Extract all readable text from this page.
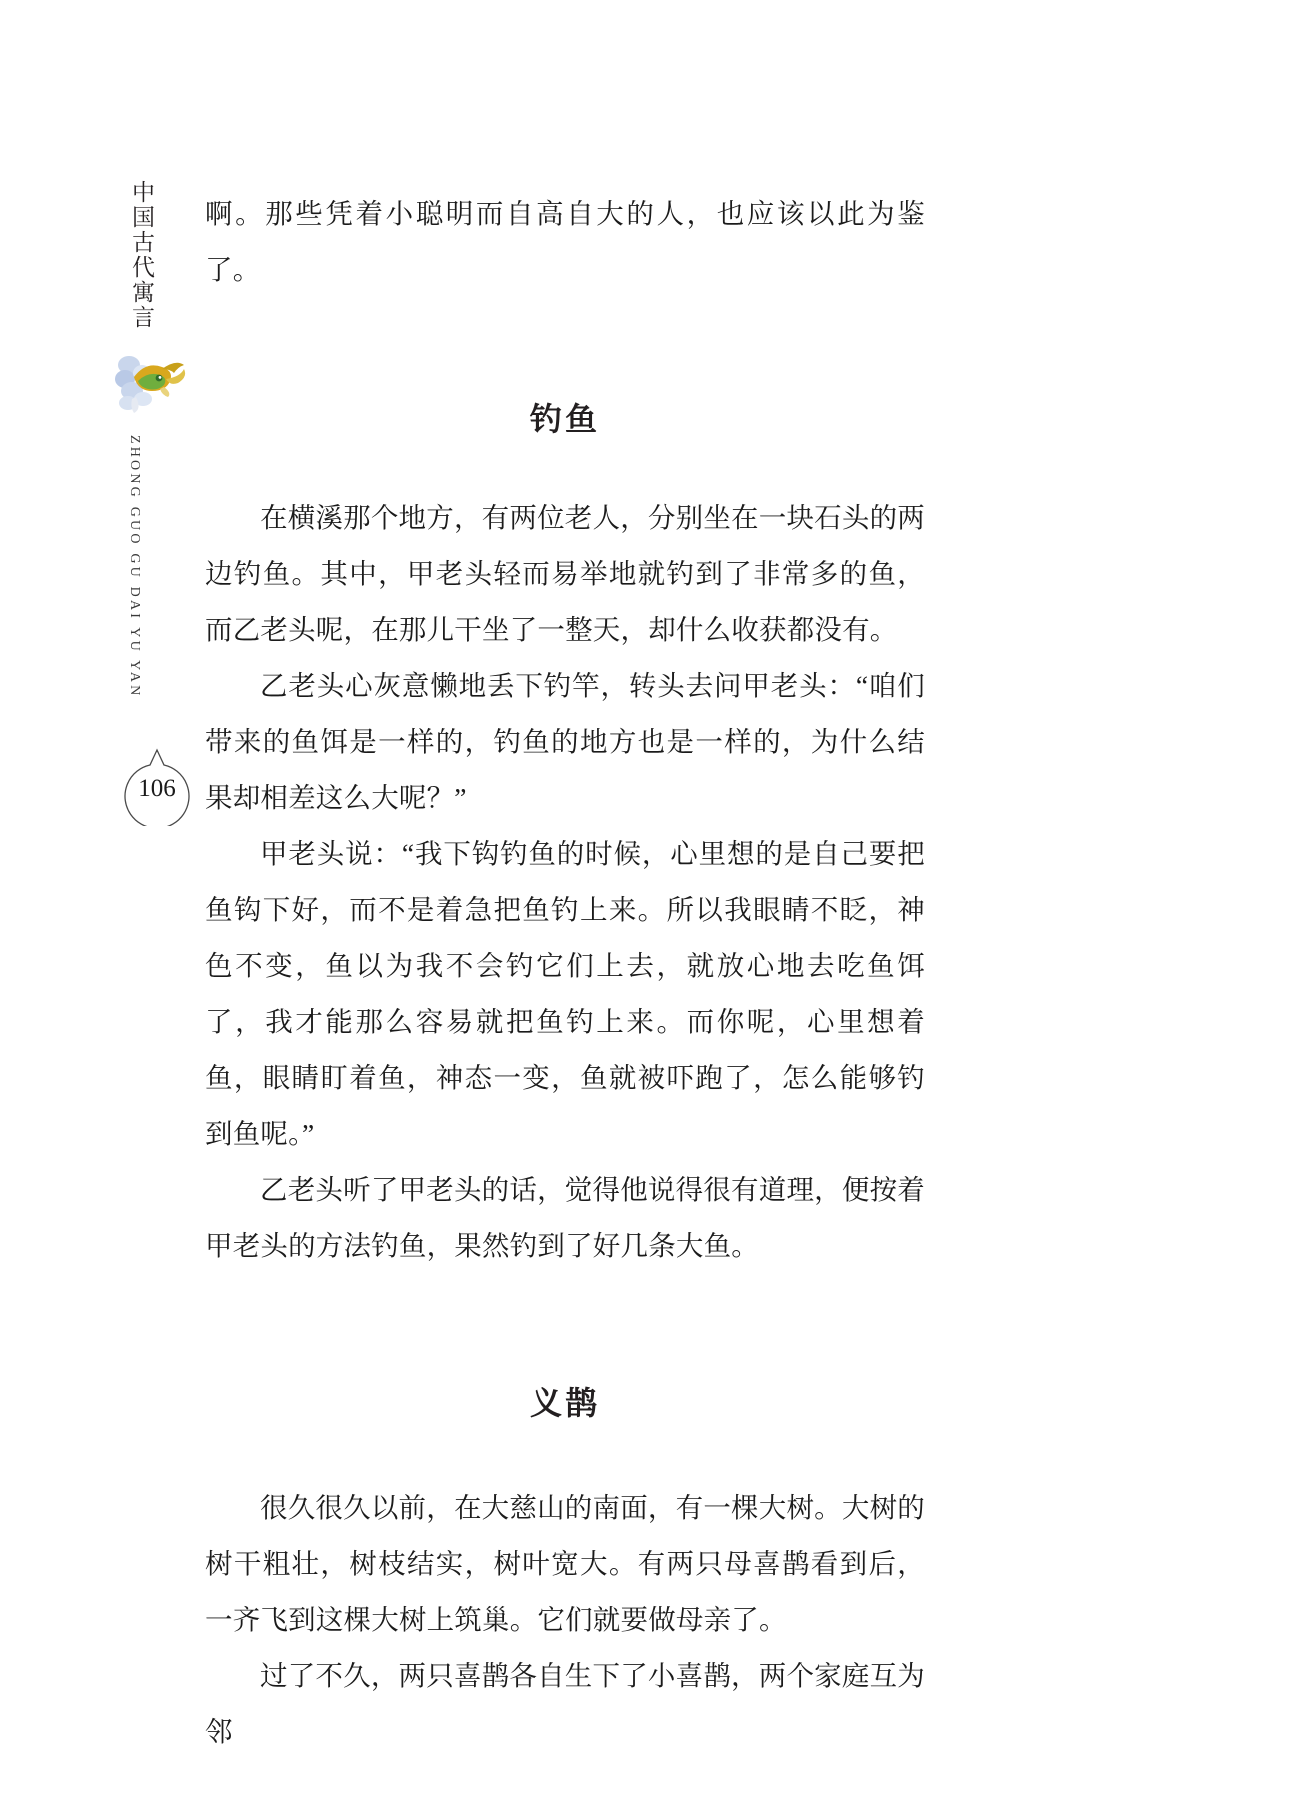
中国古代寓言
ZHONG GUO GU DAI YU YAN
106

啊。那些凭着小聪明而自高自大的人，也应该以此为鉴了。

钓鱼

在横溪那个地方，有两位老人，分别坐在一块石头的两边钓鱼。其中，甲老头轻而易举地就钓到了非常多的鱼，而乙老头呢，在那儿干坐了一整天，却什么收获都没有。

乙老头心灰意懒地丢下钓竿，转头去问甲老头：“咱们带来的鱼饵是一样的，钓鱼的地方也是一样的，为什么结果却相差这么大呢？”

甲老头说：“我下钩钓鱼的时候，心里想的是自己要把鱼钩下好，而不是着急把鱼钓上来。所以我眼睛不眨，神色不变，鱼以为我不会钓它们上去，就放心地去吃鱼饵了，我才能那么容易就把鱼钓上来。而你呢，心里想着鱼，眼睛盯着鱼，神态一变，鱼就被吓跑了，怎么能够钓到鱼呢。”

乙老头听了甲老头的话，觉得他说得很有道理，便按着甲老头的方法钓鱼，果然钓到了好几条大鱼。

义鹊

很久很久以前，在大慈山的南面，有一棵大树。大树的树干粗壮，树枝结实，树叶宽大。有两只母喜鹊看到后，一齐飞到这棵大树上筑巢。它们就要做母亲了。

过了不久，两只喜鹊各自生下了小喜鹊，两个家庭互为邻
